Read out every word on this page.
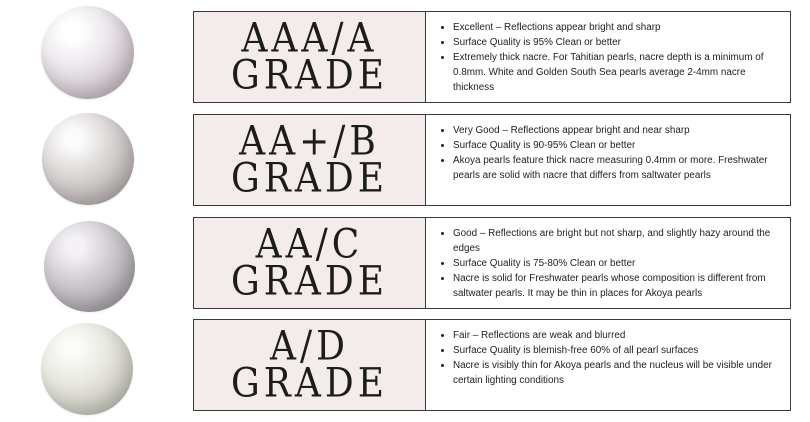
AAA/A
GRADE
• Excellent – Reflections appear bright and sharp
• Surface Quality is 95% Clean or better
• Extremely thick nacre. For Tahitian pearls, nacre depth is a minimum of 0.8mm. White and Golden South Sea pearls average 2-4mm nacre thickness
AA+/B
GRADE
• Very Good – Reflections appear bright and near sharp
• Surface Quality is 90-95% Clean or better
• Akoya pearls feature thick nacre measuring 0.4mm or more. Freshwater pearls are solid with nacre that differs from saltwater pearls
AA/C
GRADE
• Good – Reflections are bright but not sharp, and slightly hazy around the edges
• Surface Quality is 75-80% Clean or better
• Nacre is solid for Freshwater pearls whose composition is different from saltwater pearls. It may be thin in places for Akoya pearls
A/D
GRADE
• Fair – Reflections are weak and blurred
• Surface Quality is blemish-free 60% of all pearl surfaces
• Nacre is visibly thin for Akoya pearls and the nucleus will be visible under certain lighting conditions
